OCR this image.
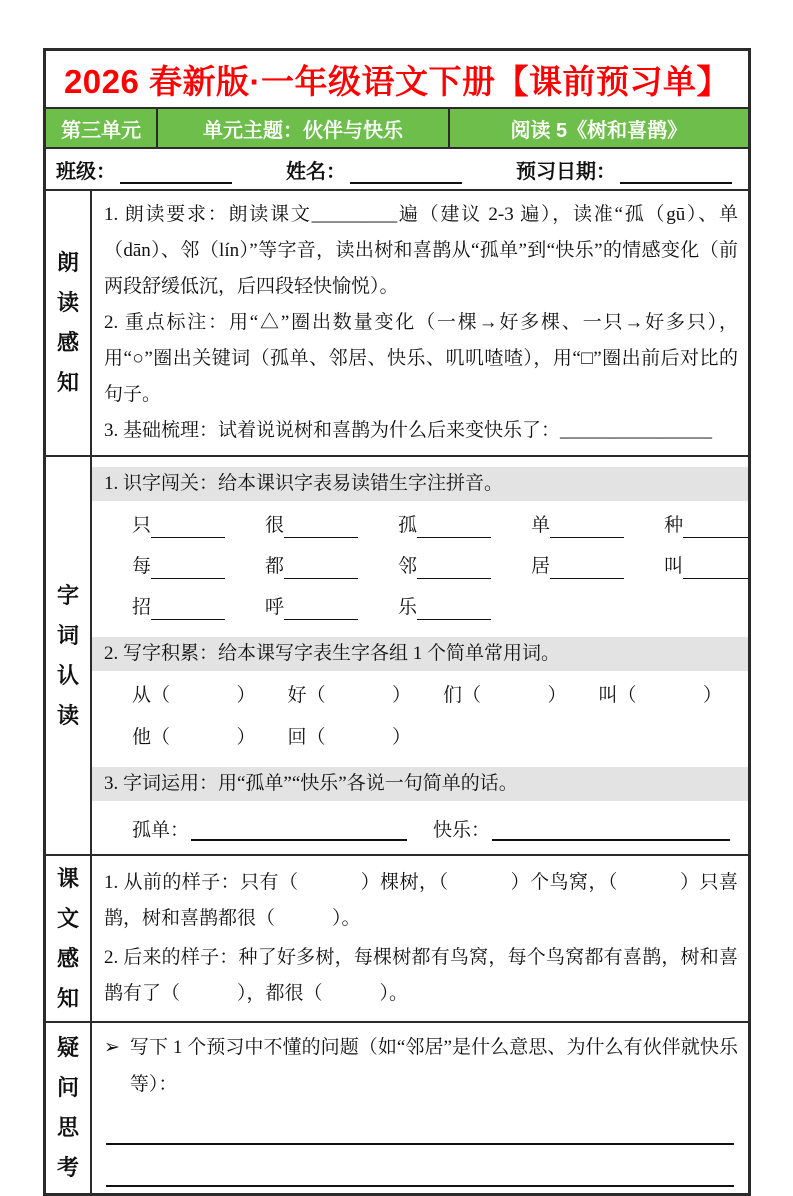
2026 春新版·一年级语文下册【课前预习单】
第三单元	单元主题：伙伴与快乐	阅读 5《树和喜鹊》
班级：	姓名：	预习日期：
朗读感知

1. 朗读要求：朗读课文_________遍（建议 2-3 遍），读准“孤（gū）、单（dān）、邻（lín）”等字音，读出树和喜鹊从“孤单”到“快乐”的情感变化（前两段舒缓低沉，后四段轻快愉悦）。

2. 重点标注：用“△”圈出数量变化（一棵→好多棵、一只→好多只），用“○”圈出关键词（孤单、邻居、快乐、叽叽喳喳），用“□”圈出前后对比的句子。

3. 基础梳理：试着说说树和喜鹊为什么后来变快乐了：________________

字词认读
1. 识字闯关：给本课识字表易读错生字注拼音。
只	很	孤	单	种
每	都	邻	居	叫
招	呼	乐
2. 写字积累：给本课写字表生字各组 1 个简单常用词。
从（              ） 好（              ） 们（              ） 叫（              ）
他（              ） 回（              ）
3. 字词运用：用“孤单”“快乐”各说一句简单的话。
孤单：	快乐：
课文感知

1. 从前的样子：只有（            ）棵树，（            ）个鸟窝，（            ）只喜鹊，树和喜鹊都很（            ）。

2. 后来的样子：种了好多树，每棵树都有鸟窝，每个鸟窝都有喜鹊，树和喜鹊有了（            ），都很（            ）。

疑问思考
➢ 写下 1 个预习中不懂的问题（如“邻居”是什么意思、为什么有伙伴就快乐等）：
